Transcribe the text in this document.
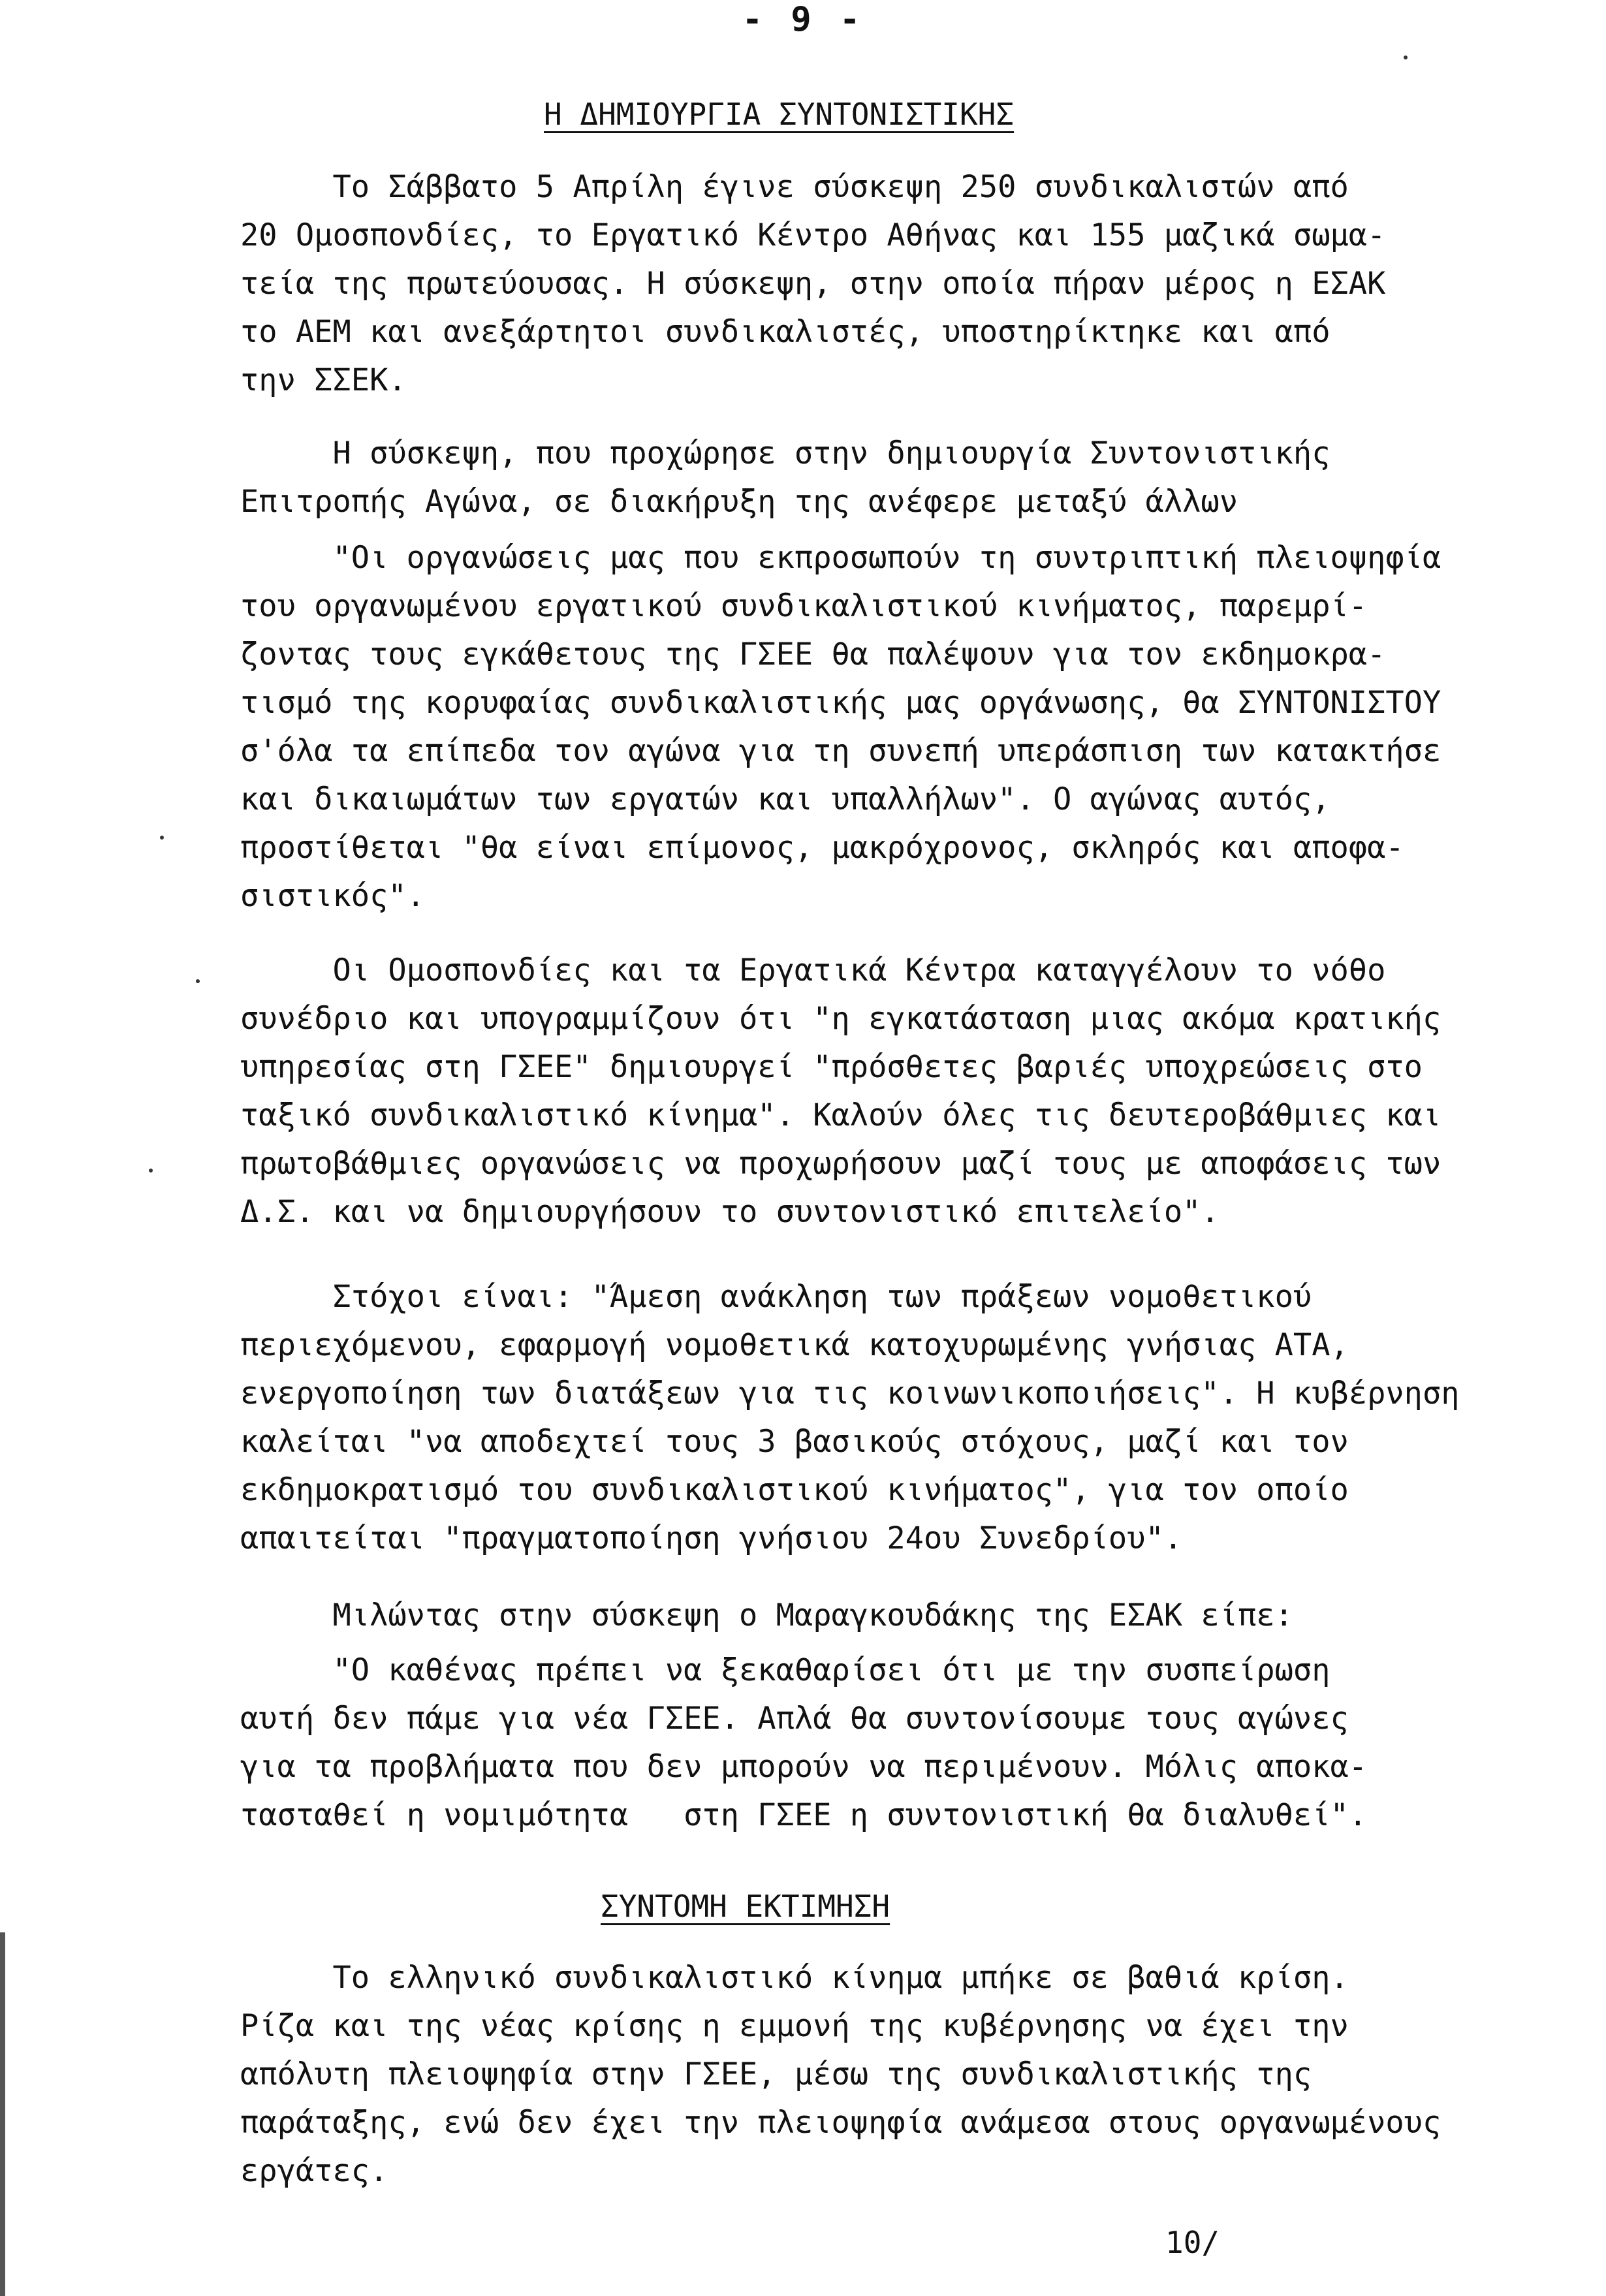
- 9 -
Η ΔΗΜΙΟΥΡΓΙΑ ΣΥΝΤΟΝΙΣΤΙΚΗΣ
Το Σάββατο 5 Απρίλη έγινε σύσκεψη 250 συνδικαλιστών από
20 Ομοσπονδίες, το Εργατικό Κέντρο Αθήνας και 155 μαζικά σωμα-
τεία της πρωτεύουσας. Η σύσκεψη, στην οποία πήραν μέρος η ΕΣΑΚ
το ΑΕΜ και ανεξάρτητοι συνδικαλιστές, υποστηρίκτηκε και από
την ΣΣΕΚ.
Η σύσκεψη, που προχώρησε στην δημιουργία Συντονιστικής
Επιτροπής Αγώνα, σε διακήρυξη της ανέφερε μεταξύ άλλων
"Οι οργανώσεις μας που εκπροσωπούν τη συντριπτική πλειοψηφία
του οργανωμένου εργατικού συνδικαλιστικού κινήματος, παρεμρί-
ζοντας τους εγκάθετους της ΓΣΕΕ θα παλέψουν για τον εκδημοκρα-
τισμό της κορυφαίας συνδικαλιστικής μας οργάνωσης, θα ΣΥΝΤΟΝΙΣΤΟΥ
σ'όλα τα επίπεδα τον αγώνα για τη συνεπή υπεράσπιση των κατακτήσε
και δικαιωμάτων των εργατών και υπαλλήλων". Ο αγώνας αυτός,
προστίθεται "θα είναι επίμονος, μακρόχρονος, σκληρός και αποφα-
σιστικός".
Οι Ομοσπονδίες και τα Εργατικά Κέντρα καταγγέλουν το νόθο
συνέδριο και υπογραμμίζουν ότι "η εγκατάσταση μιας ακόμα κρατικής
υπηρεσίας στη ΓΣΕΕ" δημιουργεί "πρόσθετες βαριές υποχρεώσεις στο
ταξικό συνδικαλιστικό κίνημα". Καλούν όλες τις δευτεροβάθμιες και
πρωτοβάθμιες οργανώσεις να προχωρήσουν μαζί τους με αποφάσεις των
Δ.Σ. και να δημιουργήσουν το συντονιστικό επιτελείο".
Στόχοι είναι: "Άμεση ανάκληση των πράξεων νομοθετικού
περιεχόμενου, εφαρμογή νομοθετικά κατοχυρωμένης γνήσιας ΑΤΑ,
ενεργοποίηση των διατάξεων για τις κοινωνικοποιήσεις". Η κυβέρνηση
καλείται "να αποδεχτεί τους 3 βασικούς στόχους, μαζί και τον
εκδημοκρατισμό του συνδικαλιστικού κινήματος", για τον οποίο
απαιτείται "πραγματοποίηση γνήσιου 24ου Συνεδρίου".
Μιλώντας στην σύσκεψη ο Μαραγκουδάκης της ΕΣΑΚ είπε:
"Ο καθένας πρέπει να ξεκαθαρίσει ότι με την συσπείρωση
αυτή δεν πάμε για νέα ΓΣΕΕ. Απλά θα συντονίσουμε τους αγώνες
για τα προβλήματα που δεν μπορούν να περιμένουν. Μόλις αποκα-
τασταθεί η νομιμότητα   στη ΓΣΕΕ η συντονιστική θα διαλυθεί".
ΣΥΝΤΟΜΗ ΕΚΤΙΜΗΣΗ
Το ελληνικό συνδικαλιστικό κίνημα μπήκε σε βαθιά κρίση.
Ρίζα και της νέας κρίσης η εμμονή της κυβέρνησης να έχει την
απόλυτη πλειοψηφία στην ΓΣΕΕ, μέσω της συνδικαλιστικής της
παράταξης, ενώ δεν έχει την πλειοψηφία ανάμεσα στους οργανωμένους
εργάτες.
10/
